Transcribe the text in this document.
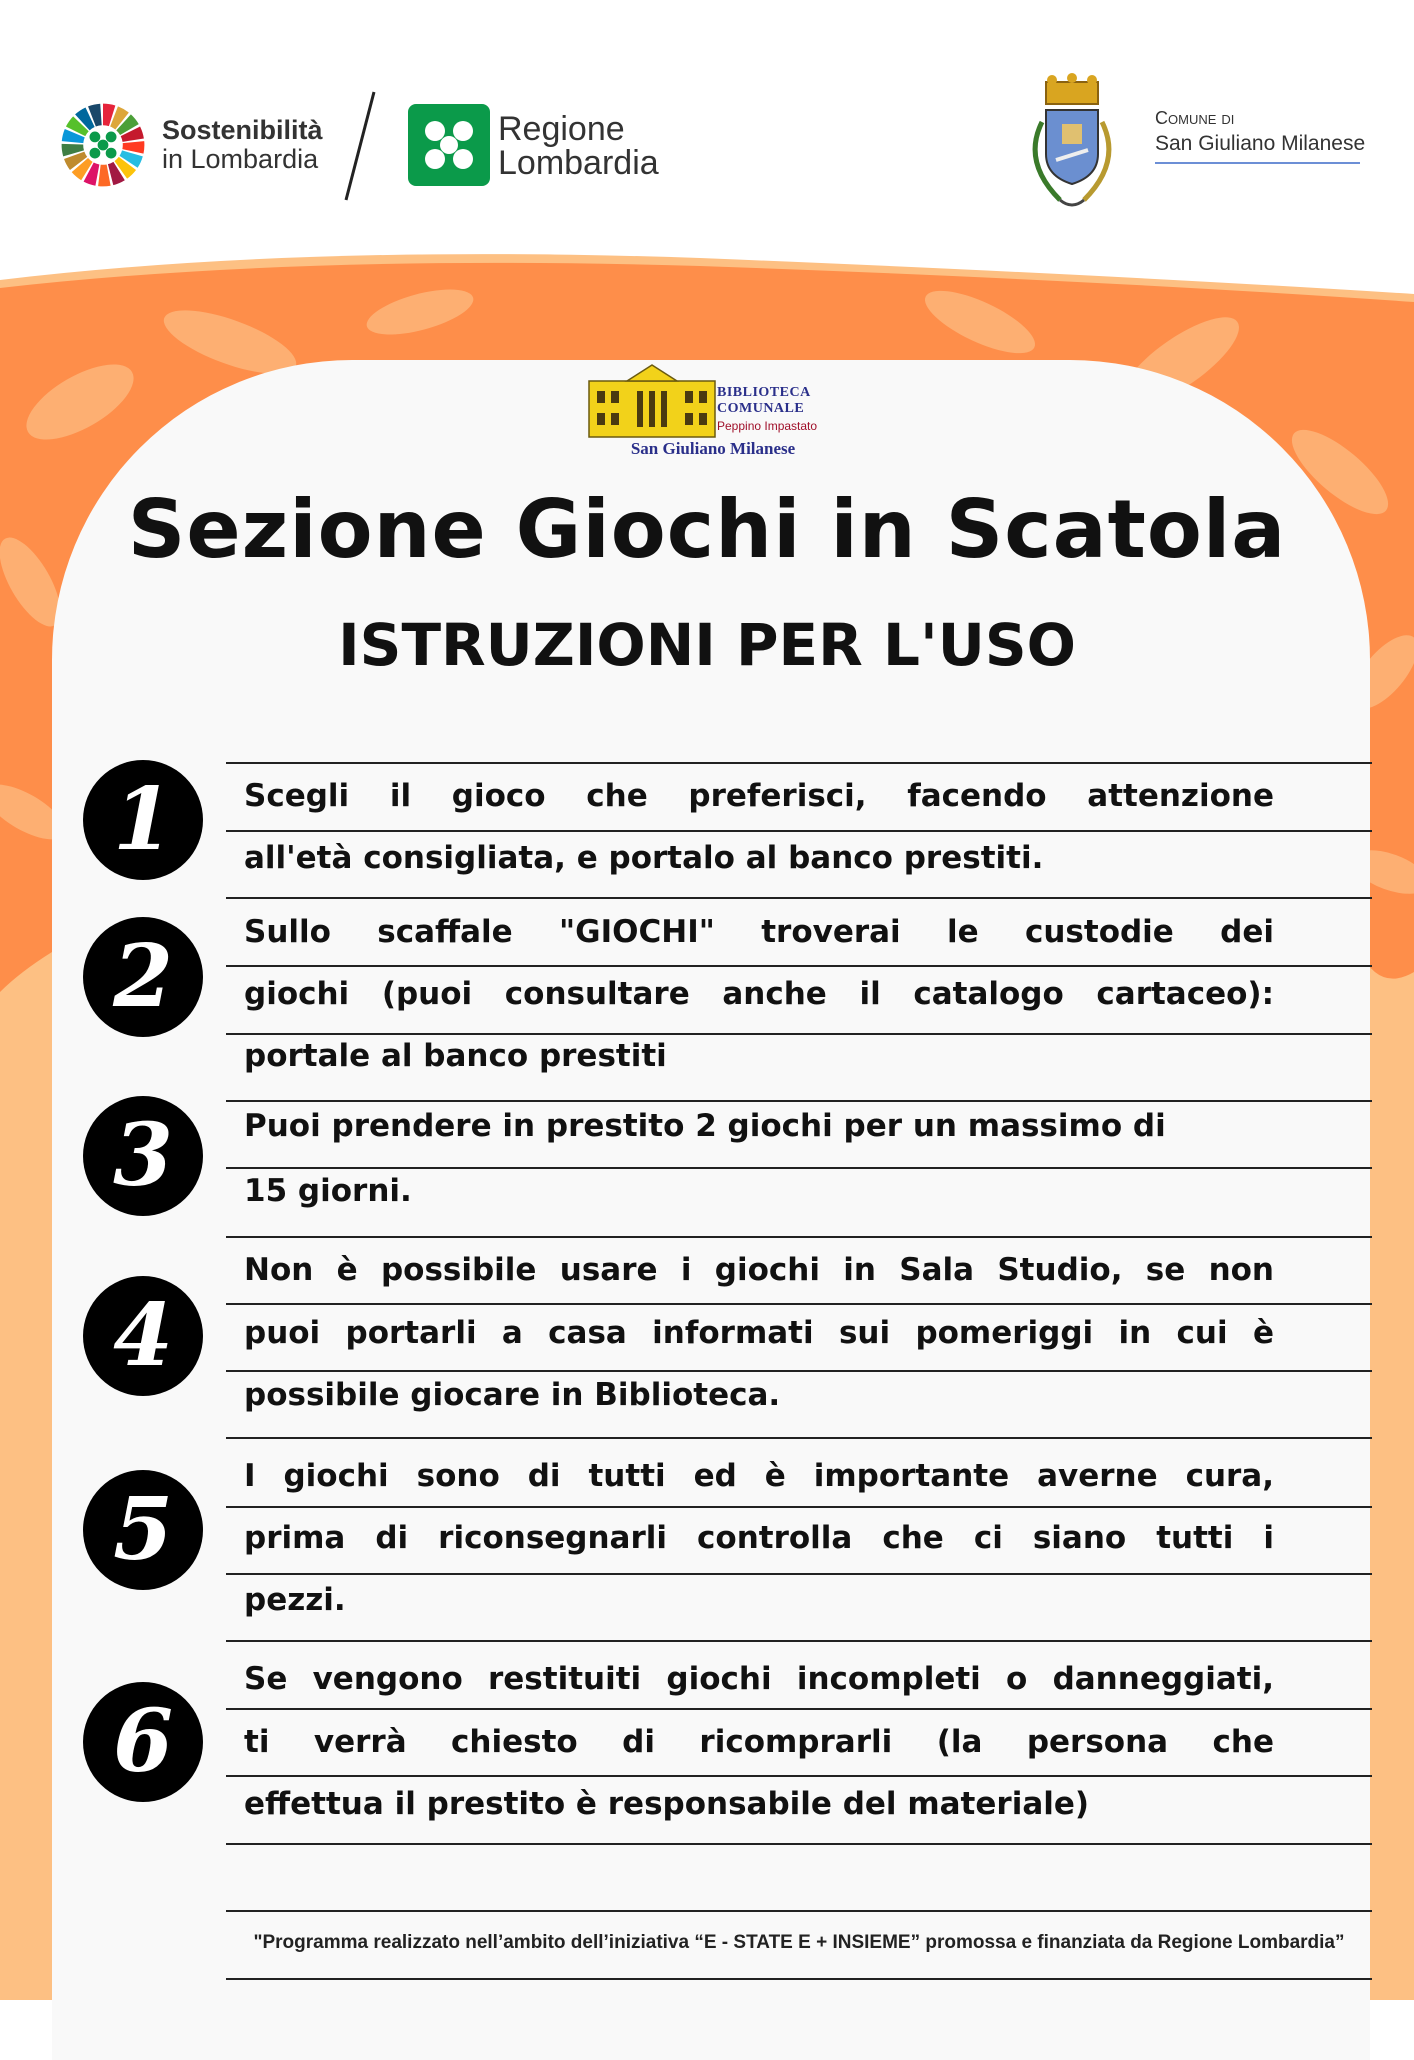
Sostenibilità
in Lombardia
Regione
Lombardia
Comune di
San Giuliano Milanese
BIBLIOTECA
COMUNALE
Peppino Impastato
San Giuliano Milanese
Sezione Giochi in Scatola
ISTRUZIONI PER L'USO
1	Scegli il gioco che preferisci, facendo attenzione
all'età consigliata, e portalo al banco prestiti.
2	Sullo scaffale "GIOCHI" troverai le custodie dei
giochi (puoi consultare anche il catalogo cartaceo):
portale al banco prestiti
3	Puoi prendere in prestito 2 giochi per un massimo di
15 giorni.
4
Non è possibile usare i giochi in Sala Studio, se non
puoi portarli a casa informati sui pomeriggi in cui è
possibile giocare in Biblioteca.
5
I giochi sono di tutti ed è importante averne cura,
prima di riconsegnarli controlla che ci siano tutti i
pezzi.
6
Se vengono restituiti giochi incompleti o danneggiati,
ti verrà chiesto di ricomprarli (la persona che
effettua il prestito è responsabile del materiale)
"Programma realizzato nell’ambito dell’iniziativa “E - STATE E + INSIEME” promossa e finanziata da Regione Lombardia”
